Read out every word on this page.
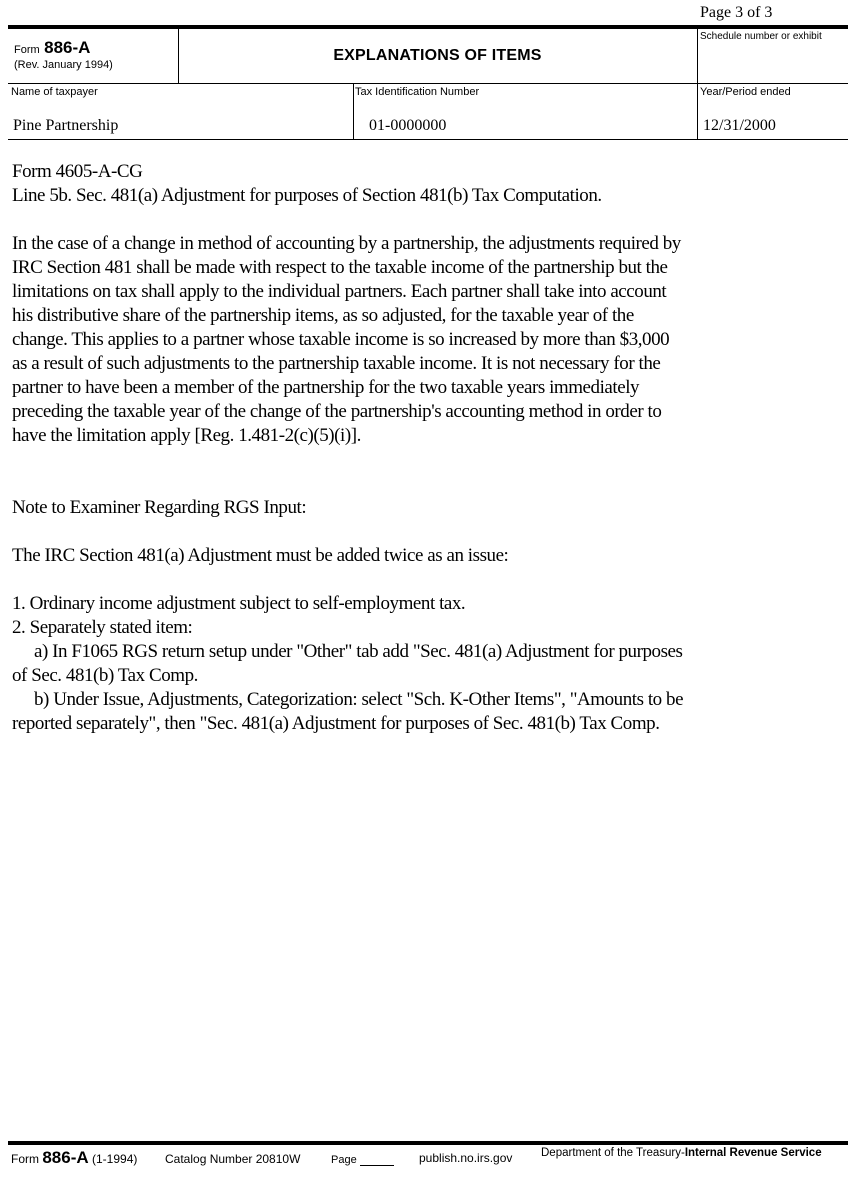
Page 3 of 3
Form 886-A
(Rev. January 1994)
EXPLANATIONS OF ITEMS
Schedule number or exhibit
Name of taxpayer
Pine Partnership
Tax Identification Number
01-0000000
Year/Period ended
12/31/2000

Form 4605-A-CG

Line 5b. Sec. 481(a) Adjustment for purposes of Section 481(b) Tax Computation.

In the case of a change in method of accounting by a partnership, the adjustments required by

IRC Section 481 shall be made with respect to the taxable income of the partnership but the

limitations on tax shall apply to the individual partners. Each partner shall take into account

his distributive share of the partnership items, as so adjusted, for the taxable year of the

change. This applies to a partner whose taxable income is so increased by more than $3,000

as a result of such adjustments to the partnership taxable income. It is not necessary for the

partner to have been a member of the partnership for the two taxable years immediately

preceding the taxable year of the change of the partnership's accounting method in order to

have the limitation apply [Reg. 1.481-2(c)(5)(i)].

Note to Examiner Regarding RGS Input:

The IRC Section 481(a) Adjustment must be added twice as an issue:

1. Ordinary income adjustment subject to self-employment tax.

2. Separately stated item:

a) In F1065 RGS return setup under "Other" tab add "Sec. 481(a) Adjustment for purposes

of Sec. 481(b) Tax Comp.

b) Under Issue, Adjustments, Categorization: select "Sch. K-Other Items", "Amounts to be

reported separately", then "Sec. 481(a) Adjustment for purposes of Sec. 481(b) Tax Comp.

Form 886-A (1-1994) Catalog Number 20810W	Page	publish.no.irs.gov Department of the Treasury-Internal Revenue Service
